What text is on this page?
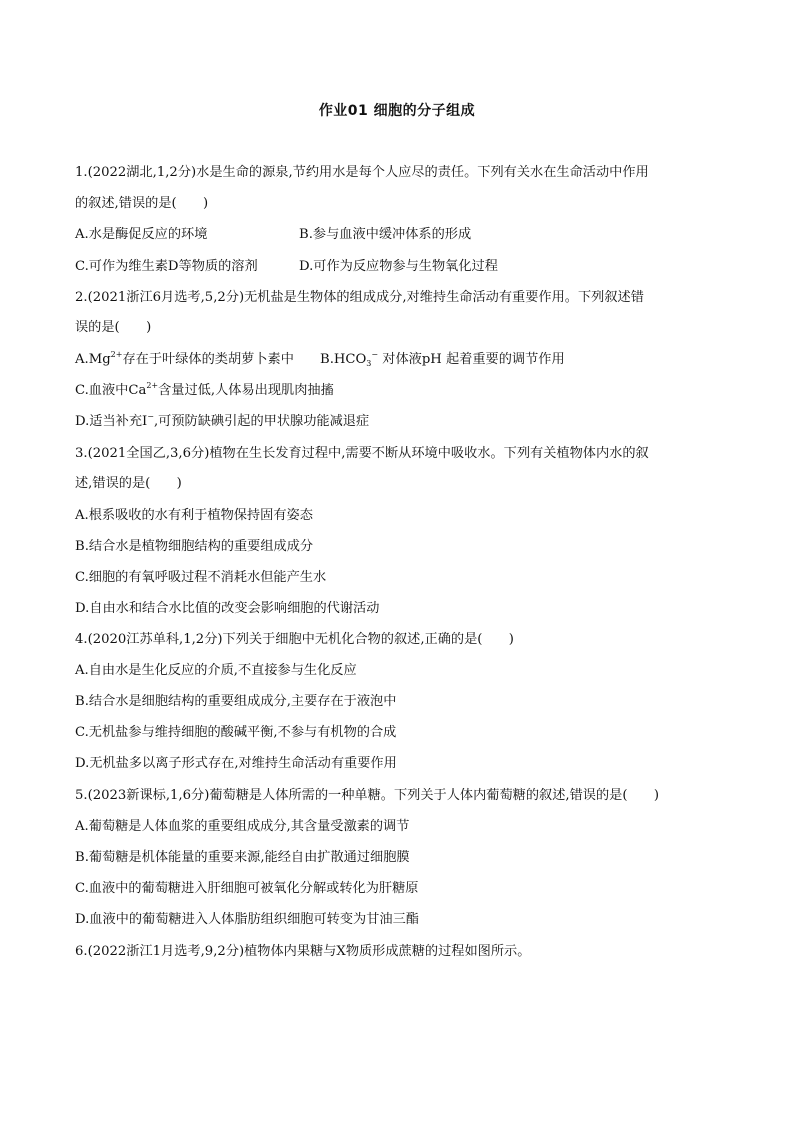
作业01 细胞的分子组成
1.(2022湖北,1,2分)水是生命的源泉,节约用水是每个人应尽的责任。下列有关水在生命活动中作用
的叙述,错误的是(　　)
A.水是酶促反应的环境	B.参与血液中缓冲体系的形成
C.可作为维生素D等物质的溶剂	D.可作为反应物参与生物氧化过程
2.(2021浙江6月选考,5,2分)无机盐是生物体的组成成分,对维持生命活动有重要作用。下列叙述错
误的是(　　)
$A.Mg^{2+}$存在于叶绿体的类胡萝卜素中 $B.HCO_3^-$ 对体液pH 起着重要的调节作用
C.血液中$Ca^{2+}$含量过低,人体易出现肌肉抽搐
D.适当补充I−,可预防缺碘引起的甲状腺功能减退症
3.(2021全国乙,3,6分)植物在生长发育过程中,需要不断从环境中吸收水。下列有关植物体内水的叙
述,错误的是(　　)
A.根系吸收的水有利于植物保持固有姿态
B.结合水是植物细胞结构的重要组成成分
C.细胞的有氧呼吸过程不消耗水但能产生水
D.自由水和结合水比值的改变会影响细胞的代谢活动
4.(2020江苏单科,1,2分)下列关于细胞中无机化合物的叙述,正确的是(　　)
A.自由水是生化反应的介质,不直接参与生化反应
B.结合水是细胞结构的重要组成成分,主要存在于液泡中
C.无机盐参与维持细胞的酸碱平衡,不参与有机物的合成
D.无机盐多以离子形式存在,对维持生命活动有重要作用
5.(2023新课标,1,6分)葡萄糖是人体所需的一种单糖。下列关于人体内葡萄糖的叙述,错误的是(　　)
A.葡萄糖是人体血浆的重要组成成分,其含量受激素的调节
B.葡萄糖是机体能量的重要来源,能经自由扩散通过细胞膜
C.血液中的葡萄糖进入肝细胞可被氧化分解或转化为肝糖原
D.血液中的葡萄糖进入人体脂肪组织细胞可转变为甘油三酯
6.(2022浙江1月选考,9,2分)植物体内果糖与X物质形成蔗糖的过程如图所示。
